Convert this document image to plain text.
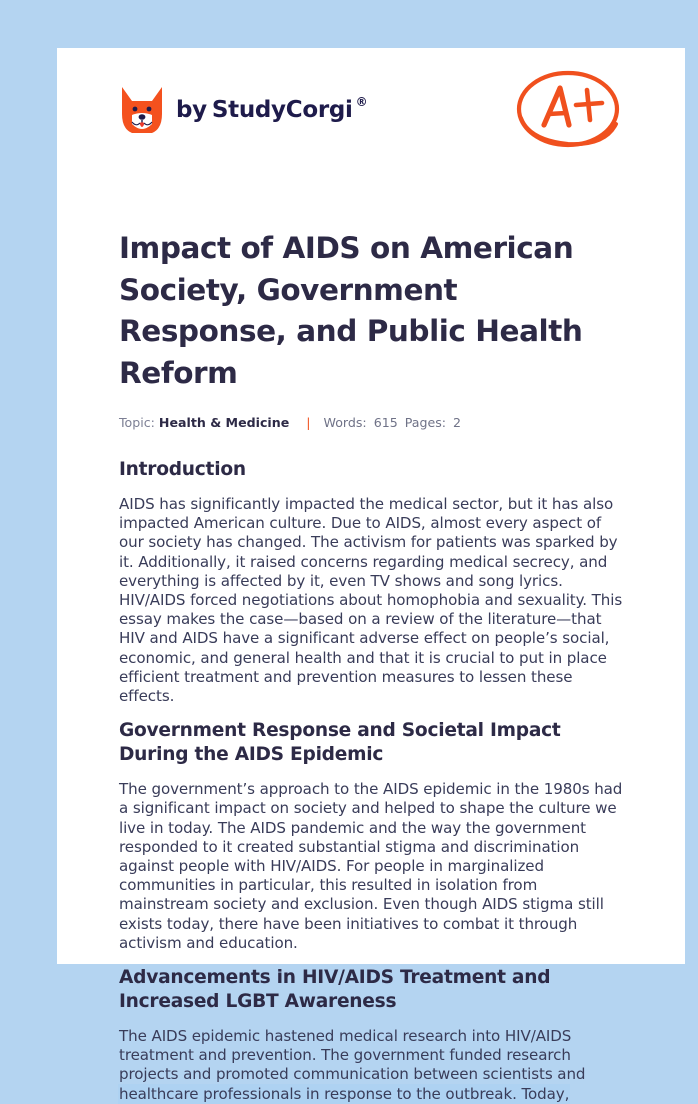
by StudyCorgi ®
Impact of AIDS on American Society, Government Response, and Public Health Reform
Topic: Health & Medicine | Words: 615 Pages: 2
Introduction

AIDS has significantly impacted the medical sector, but it has also impacted American culture. Due to AIDS, almost every aspect of our society has changed. The activism for patients was sparked by it. Additionally, it raised concerns regarding medical secrecy, and everything is affected by it, even TV shows and song lyrics. HIV/AIDS forced negotiations about homophobia and sexuality. This essay makes the case—based on a review of the literature—that HIV and AIDS have a significant adverse effect on people’s social, economic, and general health and that it is crucial to put in place efficient treatment and prevention measures to lessen these effects.

Government Response and Societal Impact During the AIDS Epidemic

The government’s approach to the AIDS epidemic in the 1980s had a significant impact on society and helped to shape the culture we live in today. The AIDS pandemic and the way the government responded to it created substantial stigma and discrimination against people with HIV/AIDS. For people in marginalized communities in particular, this resulted in isolation from mainstream society and exclusion. Even though AIDS stigma still exists today, there have been initiatives to combat it through activism and education.

Advancements in HIV/AIDS Treatment and Increased LGBT Awareness

The AIDS epidemic hastened medical research into HIV/AIDS treatment and prevention. The government funded research projects and promoted communication between scientists and healthcare professionals in response to the outbreak. Today,
